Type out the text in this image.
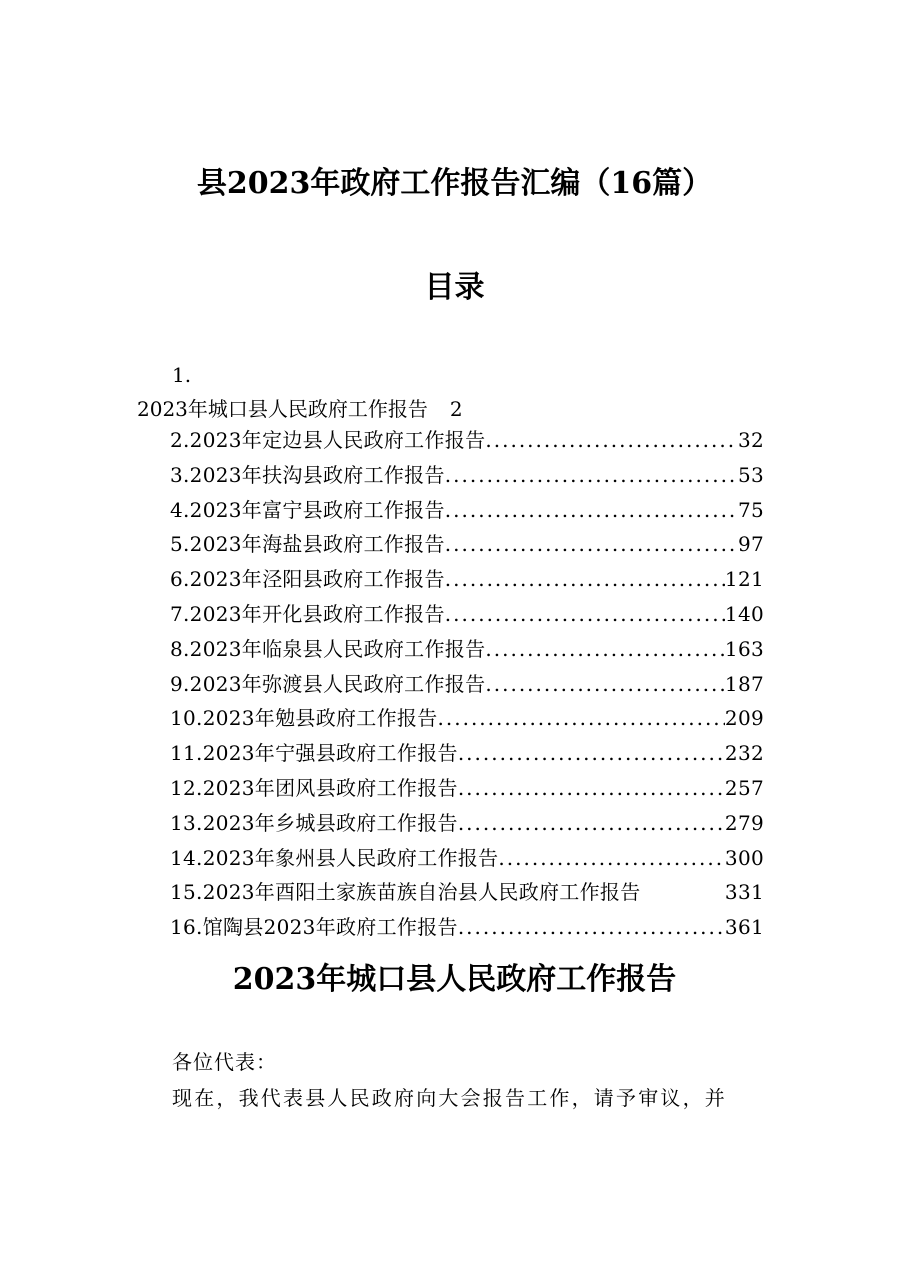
县2023年政府工作报告汇编（16篇）
目录
1.
2023年城口县人民政府工作报告 2
2.2023年定边县人民政府工作报告 .....	32
3.2023年扶沟县政府工作报告 .....	53
4.2023年富宁县政府工作报告 .....	75
5.2023年海盐县政府工作报告 .....	97
6.2023年泾阳县政府工作报告 .....	121
7.2023年开化县政府工作报告 .....	140
8.2023年临泉县人民政府工作报告 .....	163
9.2023年弥渡县人民政府工作报告 .....	187
10.2023年勉县政府工作报告 .....	209
11.2023年宁强县政府工作报告 .....	232
12.2023年团风县政府工作报告 .....	257
13.2023年乡城县政府工作报告 .....	279
14.2023年象州县人民政府工作报告 .....	300
15.2023年酉阳土家族苗族自治县人民政府工作报告	331
16.馆陶县2023年政府工作报告 .....	361
2023年城口县人民政府工作报告
各位代表：
现在，我代表县人民政府向大会报告工作，请予审议，并
